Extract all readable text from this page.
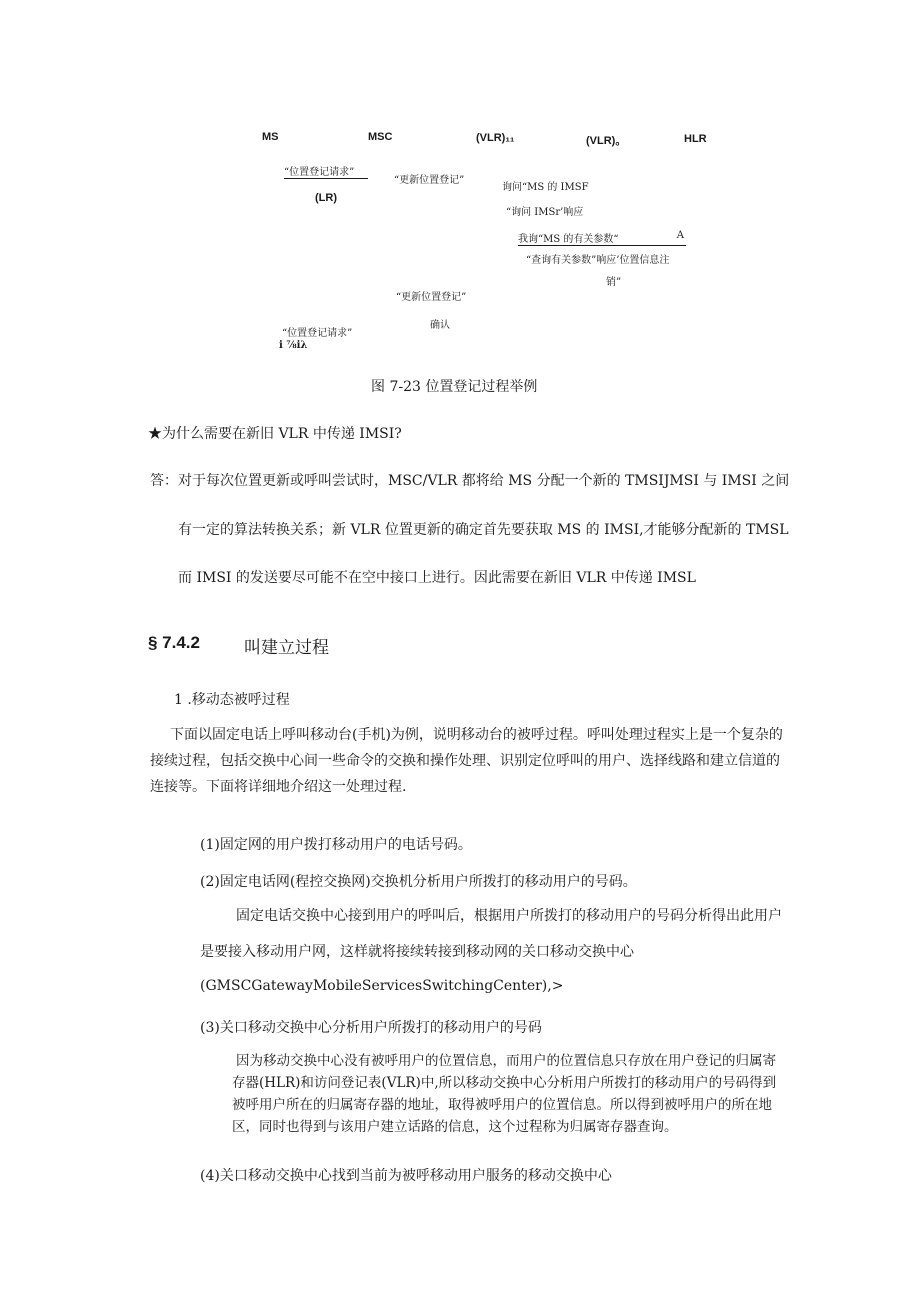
MS	MSC	(VLR)₁₁	(VLR)。	HLR
“位置登记请求”
(LR)
“更新位置登记”
询问“MS 的 IMSF
“询问 IMSr’响应
我询“MS 的有关参数“	A
“查询有关参数”响应’位置信息注
销”
“更新位置登记”
确认
“位置登记请求”
i ⅞iλ
图 7-23 位置登记过程举例
★为什么需要在新旧 VLR 中传递 IMSI?
答：对于每次位置更新或呼叫尝试时，MSC/VLR 都将给 MS 分配一个新的 TMSIJMSI 与 IMSI 之间
有一定的算法转换关系；新 VLR 位置更新的确定首先要获取 MS 的 IMSI,才能够分配新的 TMSL
而 IMSI 的发送要尽可能不在空中接口上进行。因此需要在新旧 VLR 中传递 IMSL
§ 7.4.2	叫建立过程
1 .移动态被呼过程
下面以固定电话上呼叫移动台(手机)为例，说明移动台的被呼过程。呼叫处理过程实上是一个复杂的接续过程，包括交换中心间一些命令的交换和操作处理、识别定位呼叫的用户、选择线路和建立信道的连接等。下面将详细地介绍这一处理过程.
(1)固定网的用户拨打移动用户的电话号码。
(2)固定电话网(程控交换网)交换机分析用户所拨打的移动用户的号码。
固定电话交换中心接到用户的呼叫后，根据用户所拨打的移动用户的号码分析得出此用户是要接入移动用户网，这样就将接续转接到移动网的关口移动交换中心
(GMSCGatewayMobileServicesSwitchingCenter),>
(3)关口移动交换中心分析用户所拨打的移动用户的号码
因为移动交换中心没有被呼用户的位置信息，而用户的位置信息只存放在用户登记的归属寄存器(HLR)和访问登记表(VLR)中,所以移动交换中心分析用户所拨打的移动用户的号码得到被呼用户所在的归属寄存器的地址，取得被呼用户的位置信息。所以得到被呼用户的所在地区，同时也得到与该用户建立话路的信息，这个过程称为归属寄存器查询。
(4)关口移动交换中心找到当前为被呼移动用户服务的移动交换中心
